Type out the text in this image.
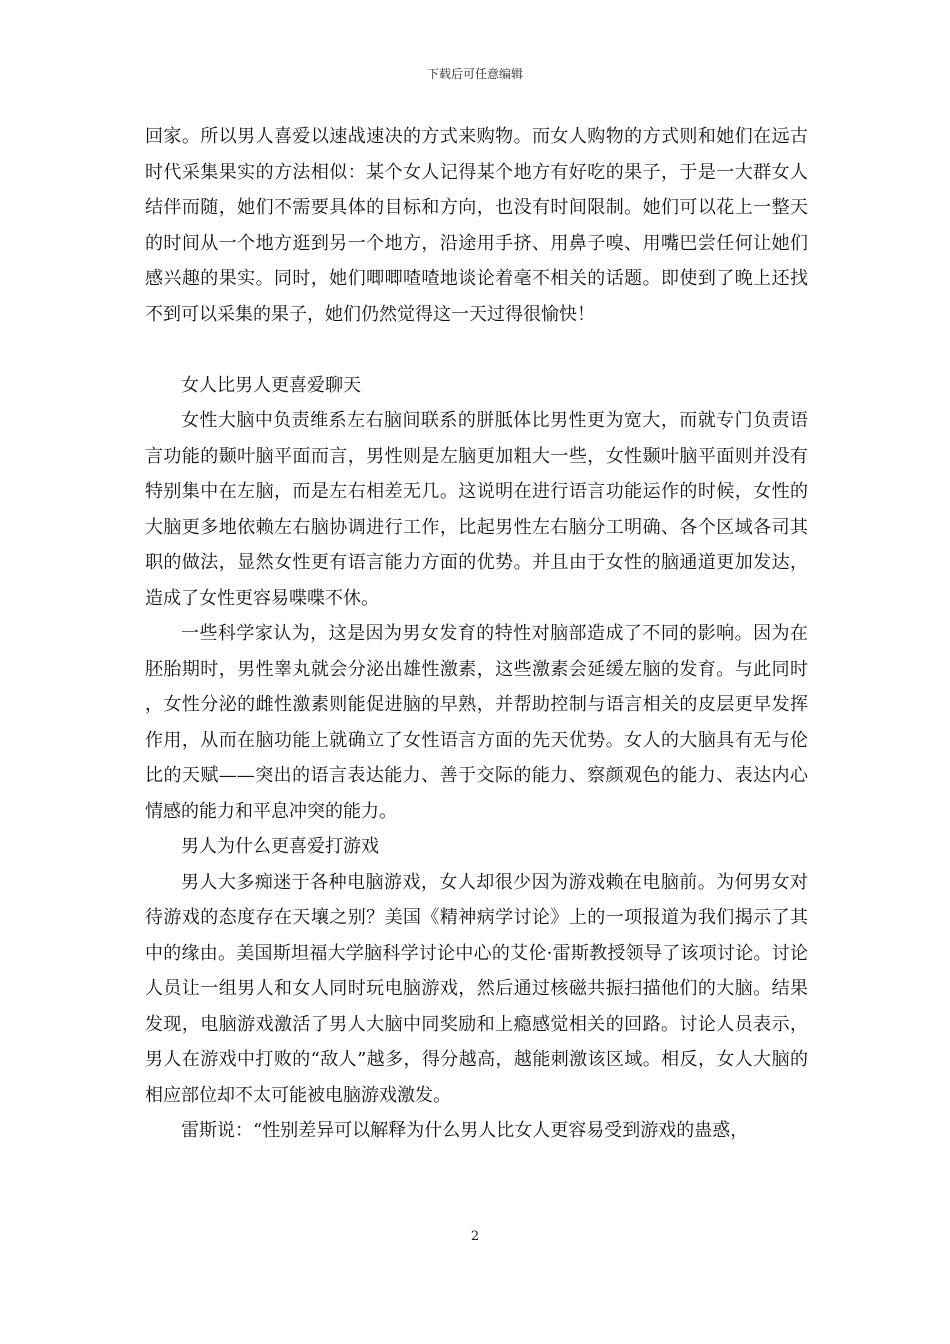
下载后可任意编辑

回家。所以男人喜爱以速战速决的方式来购物。而女人购物的方式则和她们在远古时代采集果实的方法相似：某个女人记得某个地方有好吃的果子，于是一大群女人结伴而随，她们不需要具体的目标和方向，也没有时间限制。她们可以花上一整天的时间从一个地方逛到另一个地方，沿途用手挤、用鼻子嗅、用嘴巴尝任何让她们感兴趣的果实。同时，她们唧唧喳喳地谈论着毫不相关的话题。即使到了晚上还找不到可以采集的果子，她们仍然觉得这一天过得很愉快！

女人比男人更喜爱聊天

女性大脑中负责维系左右脑间联系的胼胝体比男性更为宽大，而就专门负责语言功能的颞叶脑平面而言，男性则是左脑更加粗大一些，女性颞叶脑平面则并没有特别集中在左脑，而是左右相差无几。这说明在进行语言功能运作的时候，女性的大脑更多地依赖左右脑协调进行工作，比起男性左右脑分工明确、各个区域各司其职的做法，显然女性更有语言能力方面的优势。并且由于女性的脑通道更加发达，造成了女性更容易喋喋不休。

一些科学家认为，这是因为男女发育的特性对脑部造成了不同的影响。因为在胚胎期时，男性睾丸就会分泌出雄性激素，这些激素会延缓左脑的发育。与此同时，女性分泌的雌性激素则能促进脑的早熟，并帮助控制与语言相关的皮层更早发挥作用，从而在脑功能上就确立了女性语言方面的先天优势。女人的大脑具有无与伦比的天赋——突出的语言表达能力、善于交际的能力、察颜观色的能力、表达内心情感的能力和平息冲突的能力。

男人为什么更喜爱打游戏

男人大多痴迷于各种电脑游戏，女人却很少因为游戏赖在电脑前。为何男女对待游戏的态度存在天壤之别？美国《精神病学讨论》上的一项报道为我们揭示了其中的缘由。美国斯坦福大学脑科学讨论中心的艾伦·雷斯教授领导了该项讨论。讨论人员让一组男人和女人同时玩电脑游戏，然后通过核磁共振扫描他们的大脑。结果发现，电脑游戏激活了男人大脑中同奖励和上瘾感觉相关的回路。讨论人员表示，男人在游戏中打败的“敌人”越多，得分越高，越能刺激该区域。相反，女人大脑的相应部位却不太可能被电脑游戏激发。

雷斯说：“性别差异可以解释为什么男人比女人更容易受到游戏的蛊惑，

2
